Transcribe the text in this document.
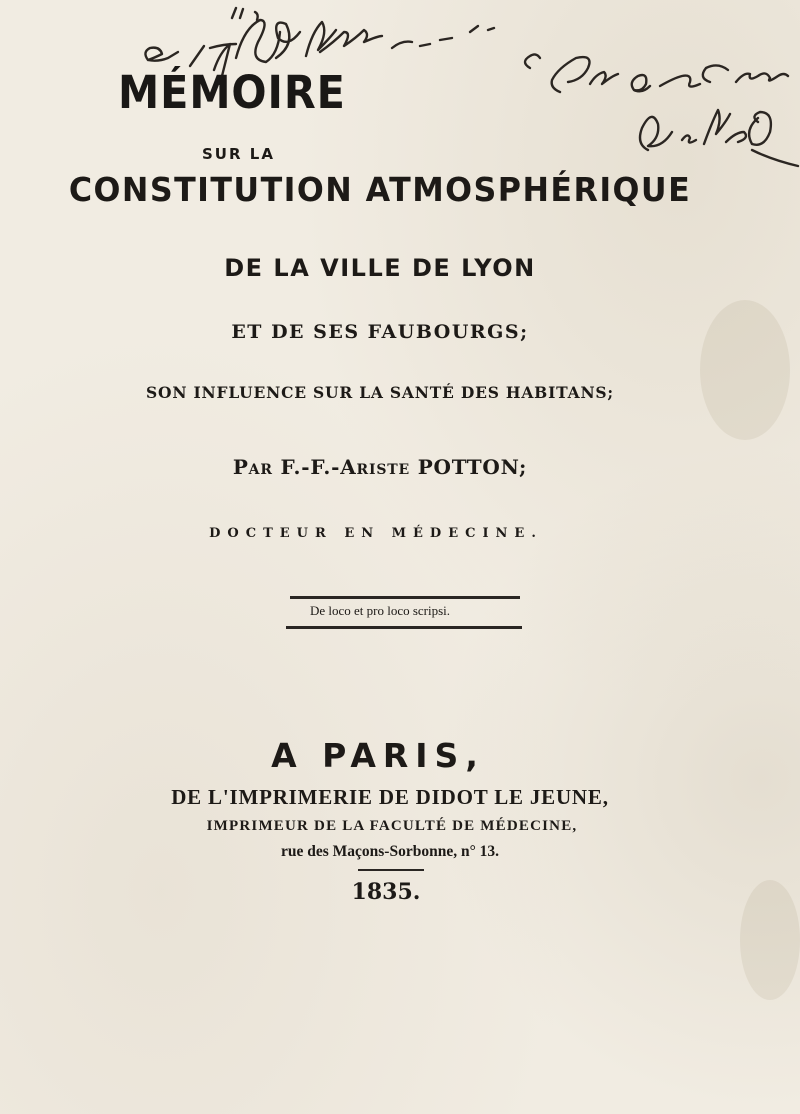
MÉMOIRE
SUR LA
CONSTITUTION ATMOSPHÉRIQUE
DE LA VILLE DE LYON
ET DE SES FAUBOURGS;
SON INFLUENCE SUR LA SANTÉ DES HABITANS;
Par F.-F.-Ariste POTTON;
DOCTEUR EN MÉDECINE.
De loco et pro loco scripsi.
A PARIS,
DE L'IMPRIMERIE DE DIDOT LE JEUNE,
IMPRIMEUR DE LA FACULTÉ DE MÉDECINE,
rue des Maçons-Sorbonne, n° 13.
1835.
